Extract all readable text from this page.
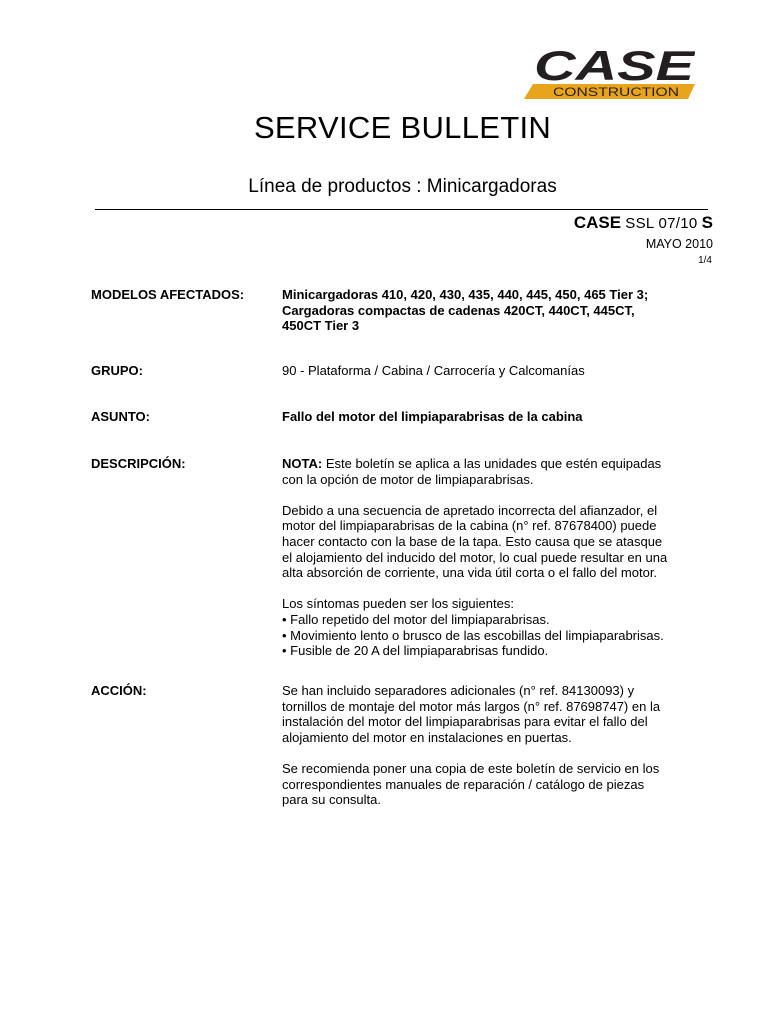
CASE
CONSTRUCTION
SERVICE BULLETIN
Línea de productos : Minicargadoras
CASE SSL 07/10 S
MAYO 2010
1/4
MODELOS AFECTADOS:	Minicargadoras 410, 420, 430, 435, 440, 445, 450, 465 Tier 3;
Cargadoras compactas de cadenas 420CT, 440CT, 445CT,
450CT Tier 3
GRUPO:	90 - Plataforma / Cabina / Carrocería y Calcomanías
ASUNTO:	Fallo del motor del limpiaparabrisas de la cabina
DESCRIPCIÓN:	NOTA: Este boletín se aplica a las unidades que estén equipadas
con la opción de motor de limpiaparabrisas.
Debido a una secuencia de apretado incorrecta del afianzador, el
motor del limpiaparabrisas de la cabina (n° ref. 87678400) puede
hacer contacto con la base de la tapa. Esto causa que se atasque
el alojamiento del inducido del motor, lo cual puede resultar en una
alta absorción de corriente, una vida útil corta o el fallo del motor.
Los síntomas pueden ser los siguientes:
• Fallo repetido del motor del limpiaparabrisas.
• Movimiento lento o brusco de las escobillas del limpiaparabrisas.
• Fusible de 20 A del limpiaparabrisas fundido.
ACCIÓN:	Se han incluido separadores adicionales (n° ref. 84130093) y
tornillos de montaje del motor más largos (n° ref. 87698747) en la
instalación del motor del limpiaparabrisas para evitar el fallo del
alojamiento del motor en instalaciones en puertas.
Se recomienda poner una copia de este boletín de servicio en los
correspondientes manuales de reparación / catálogo de piezas
para su consulta.
